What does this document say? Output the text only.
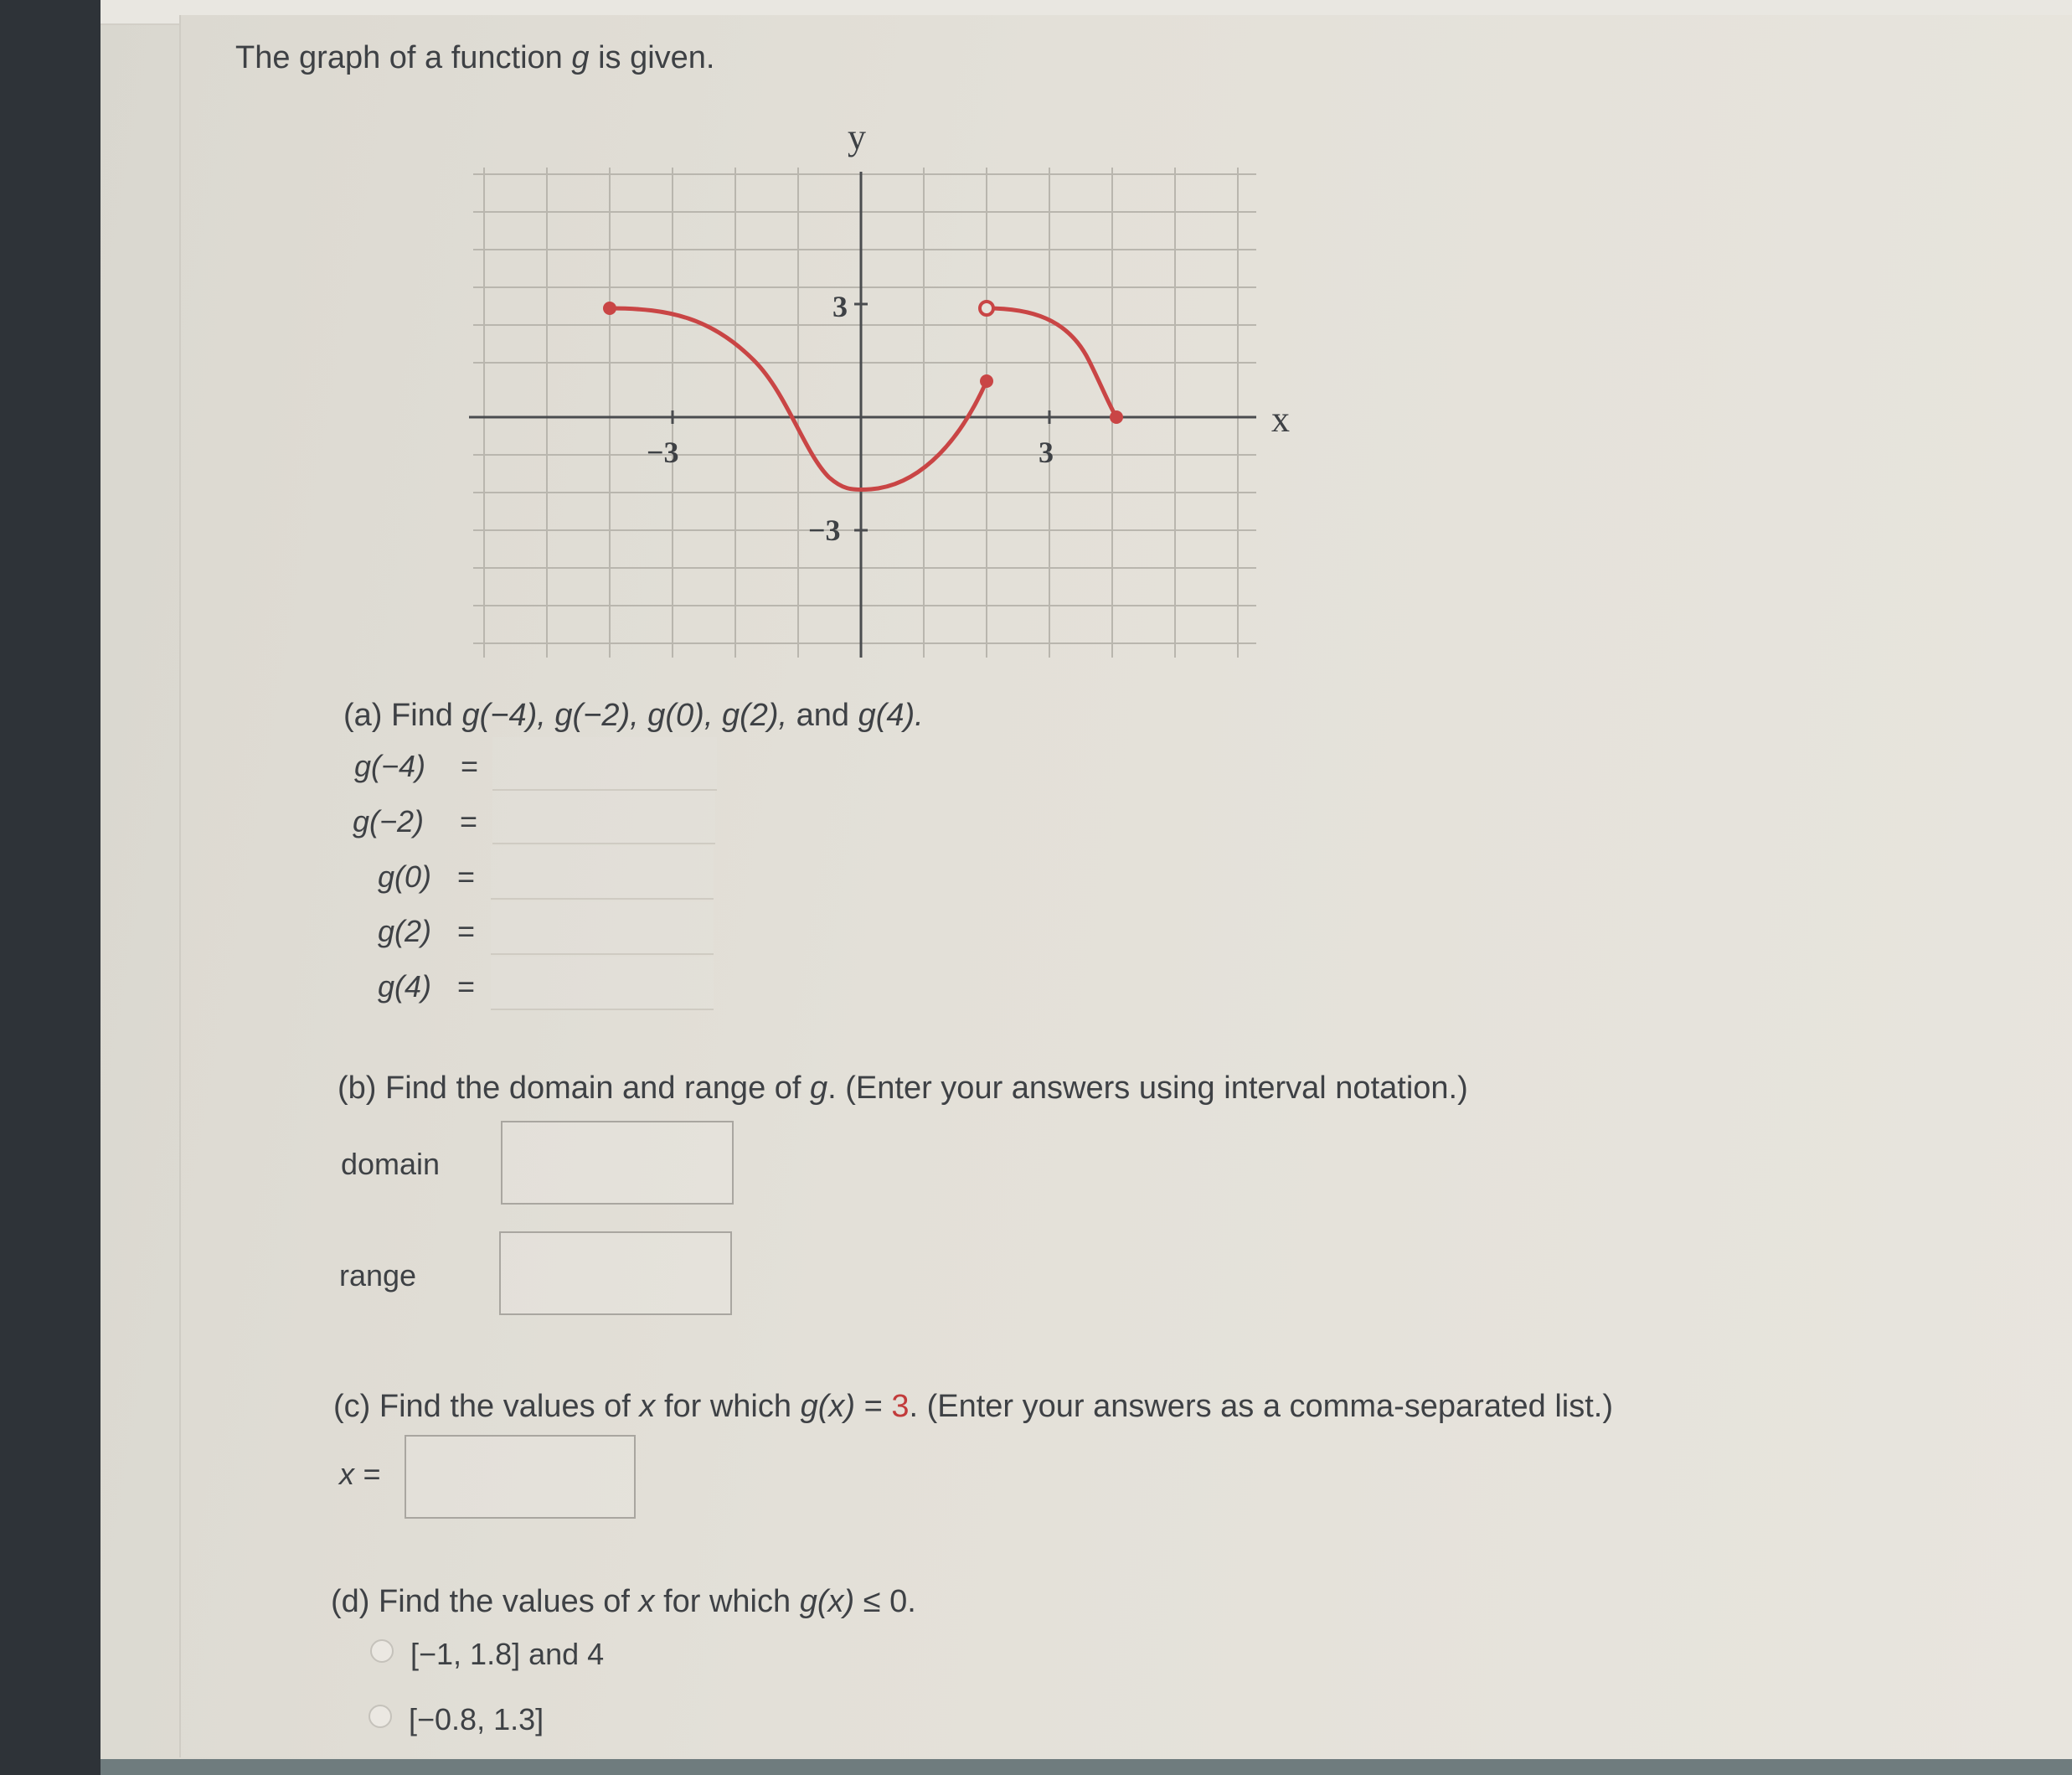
The graph of a function g is given.
y
x
−3	3
3
−3
(a) Find g(−4), g(−2), g(0), g(2), and g(4).
g(−4) =
g(−2) =
g(0) =
g(2) =
g(4) =
(b) Find the domain and range of g. (Enter your answers using interval notation.)
domain
range
(c) Find the values of x for which g(x) = 3. (Enter your answers as a comma-separated list.)
x =
(d) Find the values of x for which g(x) ≤ 0.
[−1, 1.8] and 4
[−0.8, 1.3]
